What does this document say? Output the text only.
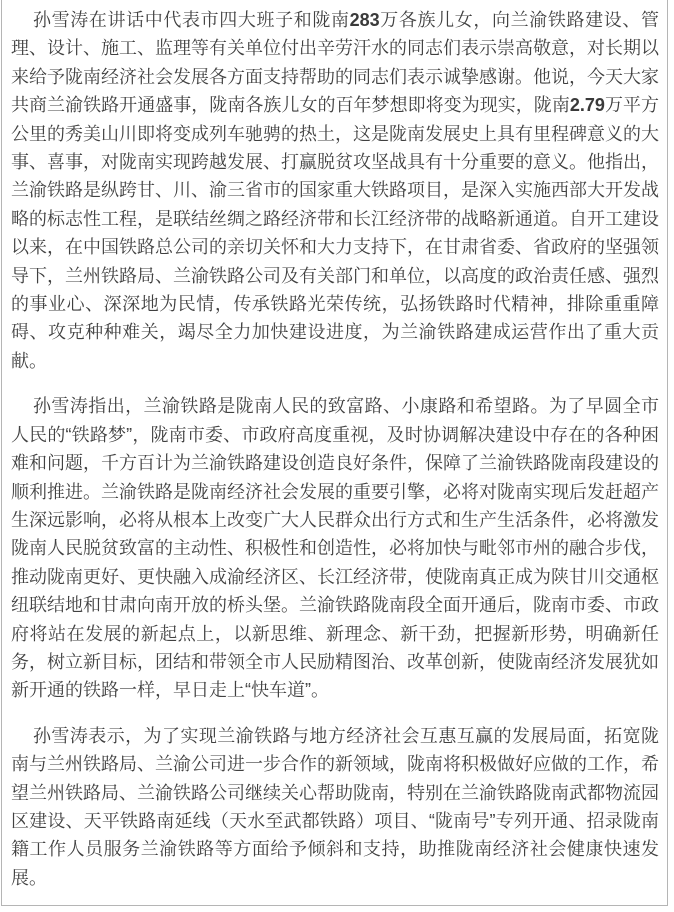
孙雪涛在讲话中代表市四大班子和陇南283万各族儿女，向兰渝铁路建设、管理、设计、施工、监理等有关单位付出辛劳汗水的同志们表示崇高敬意，对长期以来给予陇南经济社会发展各方面支持帮助的同志们表示诚挚感谢。他说，今天大家共商兰渝铁路开通盛事，陇南各族儿女的百年梦想即将变为现实，陇南2.79万平方公里的秀美山川即将变成列车驰骋的热土，这是陇南发展史上具有里程碑意义的大事、喜事，对陇南实现跨越发展、打赢脱贫攻坚战具有十分重要的意义。他指出，兰渝铁路是纵跨甘、川、渝三省市的国家重大铁路项目，是深入实施西部大开发战略的标志性工程，是联结丝绸之路经济带和长江经济带的战略新通道。自开工建设以来，在中国铁路总公司的亲切关怀和大力支持下，在甘肃省委、省政府的坚强领导下，兰州铁路局、兰渝铁路公司及有关部门和单位，以高度的政治责任感、强烈的事业心、深深地为民情，传承铁路光荣传统，弘扬铁路时代精神，排除重重障碍、攻克种种难关，竭尽全力加快建设进度，为兰渝铁路建成运营作出了重大贡献。

孙雪涛指出，兰渝铁路是陇南人民的致富路、小康路和希望路。为了早圆全市人民的“铁路梦”，陇南市委、市政府高度重视，及时协调解决建设中存在的各种困难和问题，千方百计为兰渝铁路建设创造良好条件，保障了兰渝铁路陇南段建设的顺利推进。兰渝铁路是陇南经济社会发展的重要引擎，必将对陇南实现后发赶超产生深远影响，必将从根本上改变广大人民群众出行方式和生产生活条件，必将激发陇南人民脱贫致富的主动性、积极性和创造性，必将加快与毗邻市州的融合步伐，推动陇南更好、更快融入成渝经济区、长江经济带，使陇南真正成为陕甘川交通枢纽联结地和甘肃向南开放的桥头堡。兰渝铁路陇南段全面开通后，陇南市委、市政府将站在发展的新起点上，以新思维、新理念、新干劲，把握新形势，明确新任务，树立新目标，团结和带领全市人民励精图治、改革创新，使陇南经济发展犹如新开通的铁路一样，早日走上“快车道”。

孙雪涛表示，为了实现兰渝铁路与地方经济社会互惠互赢的发展局面，拓宽陇南与兰州铁路局、兰渝公司进一步合作的新领域，陇南将积极做好应做的工作，希望兰州铁路局、兰渝铁路公司继续关心帮助陇南，特别在兰渝铁路陇南武都物流园区建设、天平铁路南延线（天水至武都铁路）项目、“陇南号”专列开通、招录陇南籍工作人员服务兰渝铁路等方面给予倾斜和支持，助推陇南经济社会健康快速发展。
